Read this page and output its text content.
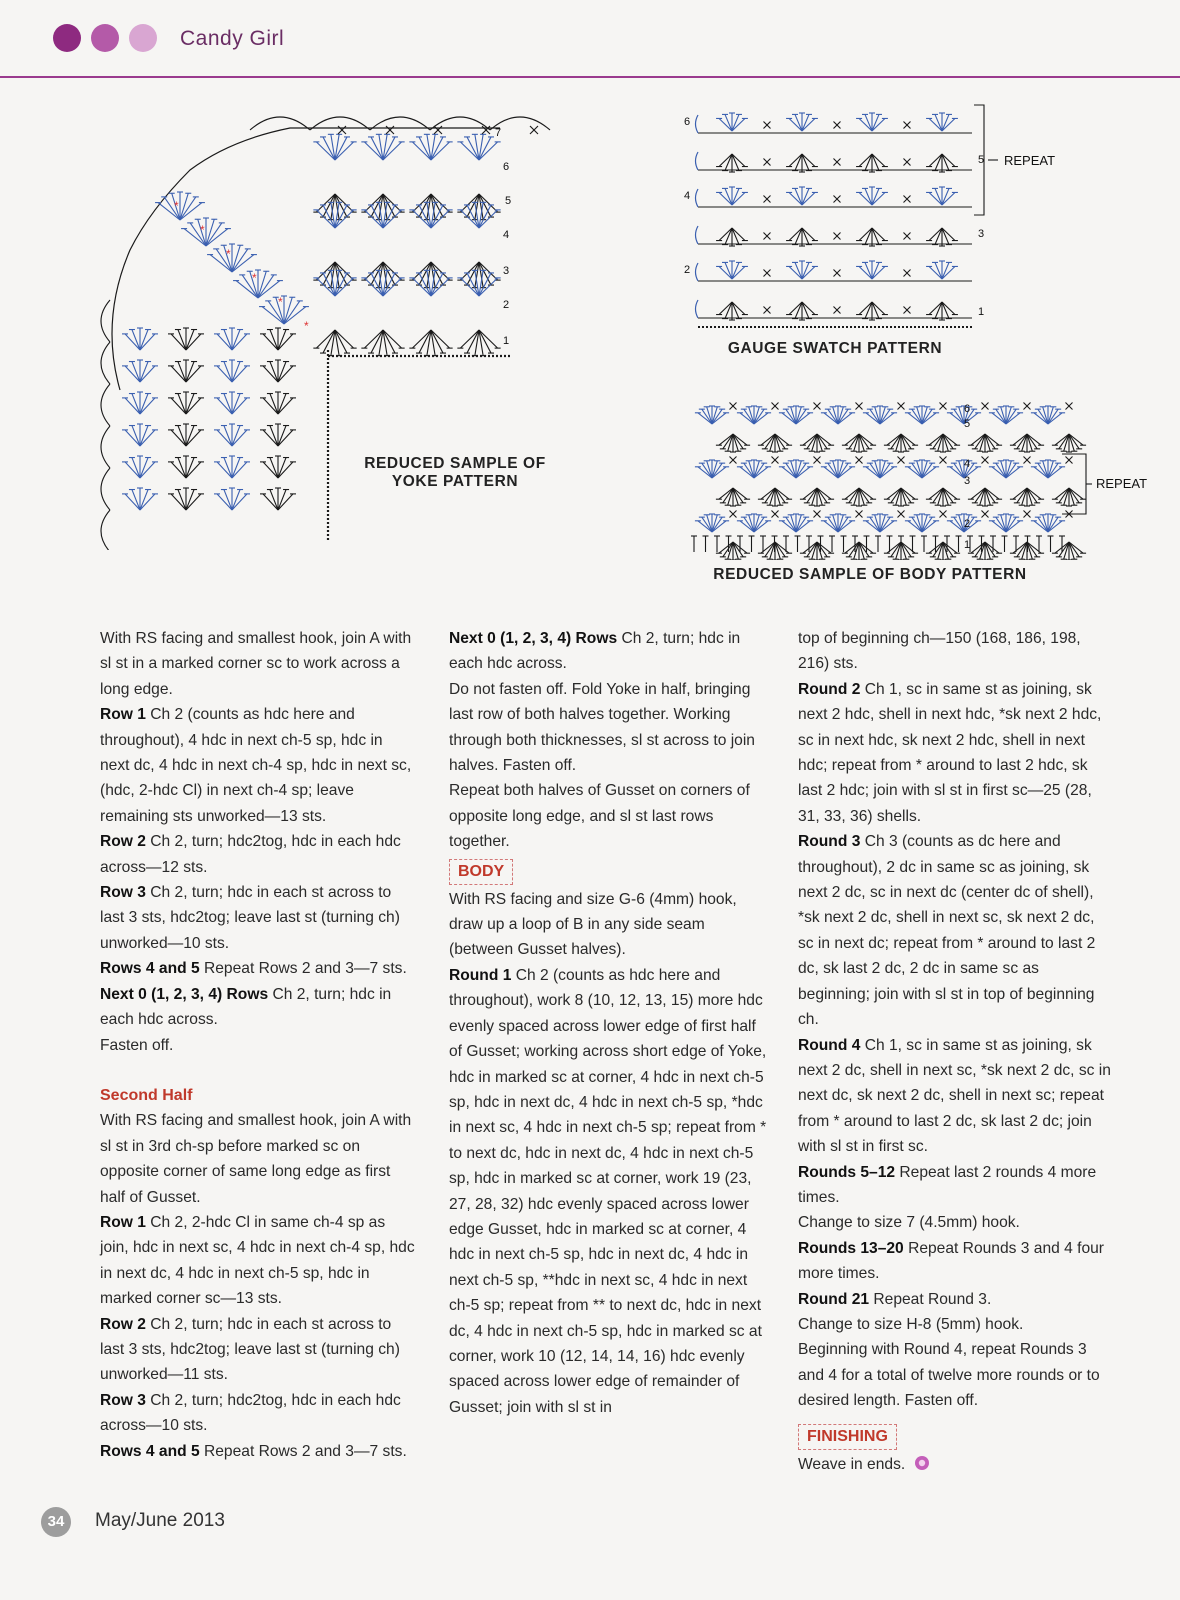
Candy Girl
*
*
*
*
*
*
1
2
3
4
5
6
7
REDUCED SAMPLE OF
YOKE PATTERN
6
4
2
5
3
1
REPEAT
GAUGE SWATCH PATTERN
1
2
3
4
5
6
REPEAT
REDUCED SAMPLE OF BODY PATTERN

With RS facing and smallest hook, join A with sl st in a marked corner sc to work across a long edge.

Row 1 Ch 2 (counts as hdc here and throughout), 4 hdc in next ch-5 sp, hdc in next dc, 4 hdc in next ch-4 sp, hdc in next sc, (hdc, 2-hdc Cl) in next ch-4 sp; leave remaining sts unworked—13 sts.

Row 2 Ch 2, turn; hdc2tog, hdc in each hdc across—12 sts.

Row 3 Ch 2, turn; hdc in each st across to last 3 sts, hdc2tog; leave last st (turning ch) unworked—10 sts.

Rows 4 and 5 Repeat Rows 2 and 3—7 sts.

Next 0 (1, 2, 3, 4) Rows Ch 2, turn; hdc in each hdc across.

Fasten off.

Second Half

With RS facing and smallest hook, join A with sl st in 3rd ch-sp before marked sc on opposite corner of same long edge as first half of Gusset.

Row 1 Ch 2, 2-hdc Cl in same ch-4 sp as join, hdc in next sc, 4 hdc in next ch-4 sp, hdc in next dc, 4 hdc in next ch-5 sp, hdc in marked corner sc—13 sts.

Row 2 Ch 2, turn; hdc in each st across to last 3 sts, hdc2tog; leave last st (turning ch) unworked—11 sts.

Row 3 Ch 2, turn; hdc2tog, hdc in each hdc across—10 sts.

Rows 4 and 5 Repeat Rows 2 and 3—7 sts.

Next 0 (1, 2, 3, 4) Rows Ch 2, turn; hdc in each hdc across.

Do not fasten off. Fold Yoke in half, bringing last row of both halves together. Working through both thicknesses, sl st across to join halves. Fasten off.

Repeat both halves of Gusset on corners of opposite long edge, and sl st last rows together.

BODY

With RS facing and size G-6 (4mm) hook, draw up a loop of B in any side seam (between Gusset halves).

Round 1 Ch 2 (counts as hdc here and throughout), work 8 (10, 12, 13, 15) more hdc evenly spaced across lower edge of first half of Gusset; working across short edge of Yoke, hdc in marked sc at corner, 4 hdc in next ch-5 sp, hdc in next dc, 4 hdc in next ch-5 sp, *hdc in next sc, 4 hdc in next ch-5 sp; repeat from * to next dc, hdc in next dc, 4 hdc in next ch-5 sp, hdc in marked sc at corner, work 19 (23, 27, 28, 32) hdc evenly spaced across lower edge Gusset, hdc in marked sc at corner, 4 hdc in next ch-5 sp, hdc in next dc, 4 hdc in next ch-5 sp, **hdc in next sc, 4 hdc in next ch-5 sp; repeat from ** to next dc, hdc in next dc, 4 hdc in next ch-5 sp, hdc in marked sc at corner, work 10 (12, 14, 14, 16) hdc evenly spaced across lower edge of remainder of Gusset; join with sl st in

top of beginning ch—150 (168, 186, 198, 216) sts.

Round 2 Ch 1, sc in same st as joining, sk next 2 hdc, shell in next hdc, *sk next 2 hdc, sc in next hdc, sk next 2 hdc, shell in next hdc; repeat from * around to last 2 hdc, sk last 2 hdc; join with sl st in first sc—25 (28, 31, 33, 36) shells.

Round 3 Ch 3 (counts as dc here and throughout), 2 dc in same sc as joining, sk next 2 dc, sc in next dc (center dc of shell), *sk next 2 dc, shell in next sc, sk next 2 dc, sc in next dc; repeat from * around to last 2 dc, sk last 2 dc, 2 dc in same sc as beginning; join with sl st in top of beginning ch.

Round 4 Ch 1, sc in same st as joining, sk next 2 dc, shell in next sc, *sk next 2 dc, sc in next dc, sk next 2 dc, shell in next sc; repeat from * around to last 2 dc, sk last 2 dc; join with sl st in first sc.

Rounds 5–12 Repeat last 2 rounds 4 more times.

Change to size 7 (4.5mm) hook.

Rounds 13–20 Repeat Rounds 3 and 4 four more times.

Round 21 Repeat Round 3.

Change to size H-8 (5mm) hook.

Beginning with Round 4, repeat Rounds 3 and 4 for a total of twelve more rounds or to desired length. Fasten off.

FINISHING

Weave in ends.

34	May/June 2013
